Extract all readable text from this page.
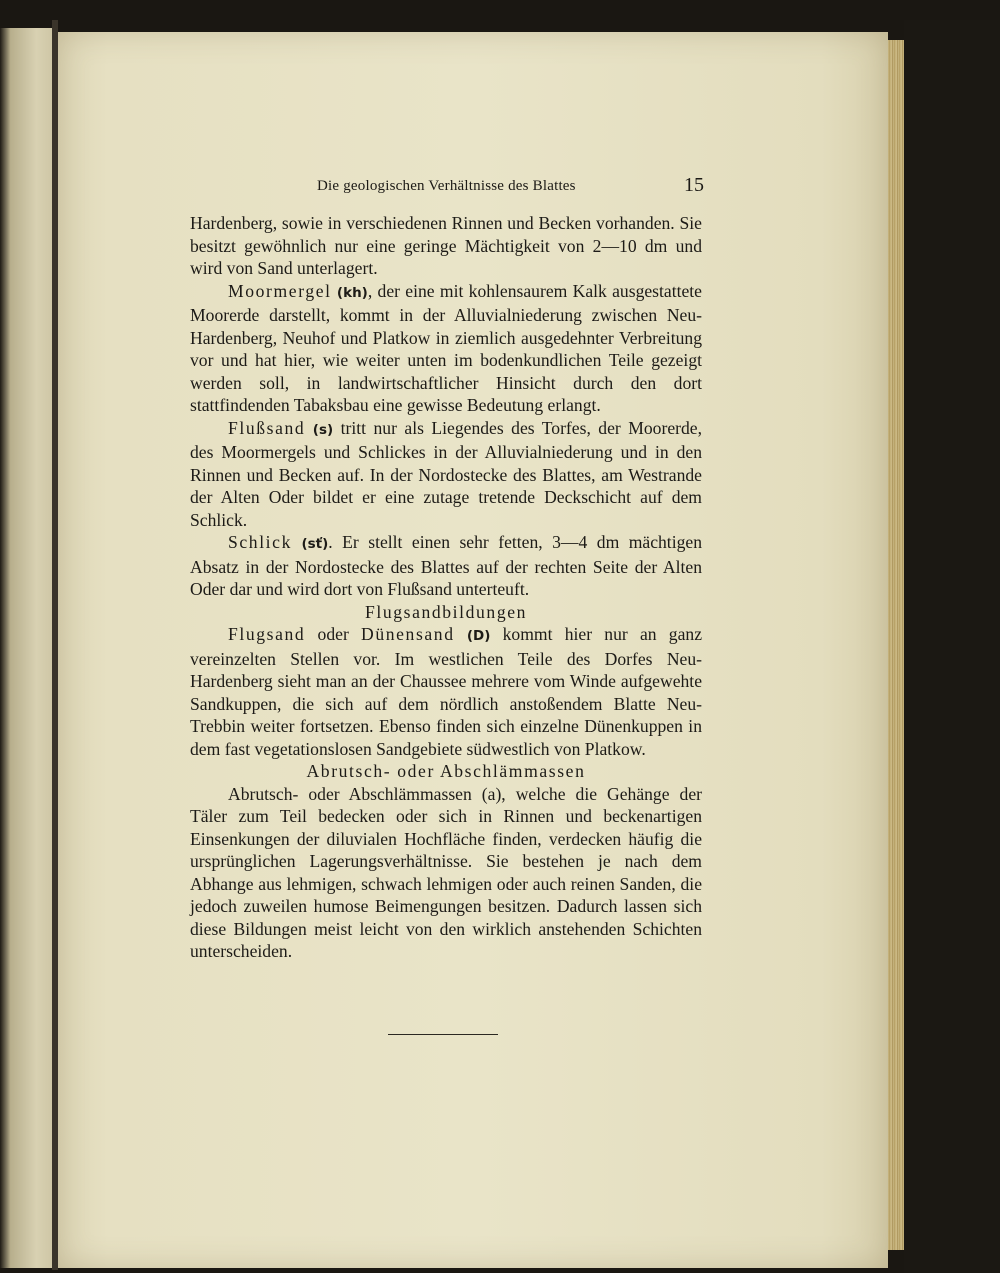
Die geologischen Verhältnisse des Blattes	15

Hardenberg, sowie in verschiedenen Rinnen und Becken vorhanden. Sie besitzt gewöhnlich nur eine geringe Mächtigkeit von 2—10 dm und wird von Sand unterlagert.

Moormergel (kh), der eine mit kohlensaurem Kalk ausgestattete Moorerde darstellt, kommt in der Alluvialniederung zwischen Neu-Hardenberg, Neuhof und Platkow in ziemlich ausgedehnter Verbreitung vor und hat hier, wie weiter unten im bodenkundlichen Teile gezeigt werden soll, in landwirtschaftlicher Hinsicht durch den dort stattfindenden Tabaksbau eine gewisse Bedeutung erlangt.

Flußsand (s) tritt nur als Liegendes des Torfes, der Moorerde, des Moormergels und Schlickes in der Alluvialniederung und in den Rinnen und Becken auf. In der Nordostecke des Blattes, am Westrande der Alten Oder bildet er eine zutage tretende Deckschicht auf dem Schlick.

Schlick (sť). Er stellt einen sehr fetten, 3—4 dm mächtigen Absatz in der Nordostecke des Blattes auf der rechten Seite der Alten Oder dar und wird dort von Flußsand unterteuft.

Flugsandbildungen

Flugsand oder Dünensand (D) kommt hier nur an ganz vereinzelten Stellen vor. Im westlichen Teile des Dorfes Neu-Hardenberg sieht man an der Chaussee mehrere vom Winde aufgewehte Sandkuppen, die sich auf dem nördlich anstoßendem Blatte Neu-Trebbin weiter fortsetzen. Ebenso finden sich einzelne Dünenkuppen in dem fast vegetationslosen Sandgebiete südwestlich von Platkow.

Abrutsch- oder Abschlämmassen

Abrutsch- oder Abschlämmassen (a), welche die Gehänge der Täler zum Teil bedecken oder sich in Rinnen und beckenartigen Einsenkungen der diluvialen Hochfläche finden, verdecken häufig die ursprünglichen Lagerungsverhältnisse. Sie bestehen je nach dem Abhange aus lehmigen, schwach lehmigen oder auch reinen Sanden, die jedoch zuweilen humose Beimengungen besitzen. Dadurch lassen sich diese Bildungen meist leicht von den wirklich anstehenden Schichten unterscheiden.
